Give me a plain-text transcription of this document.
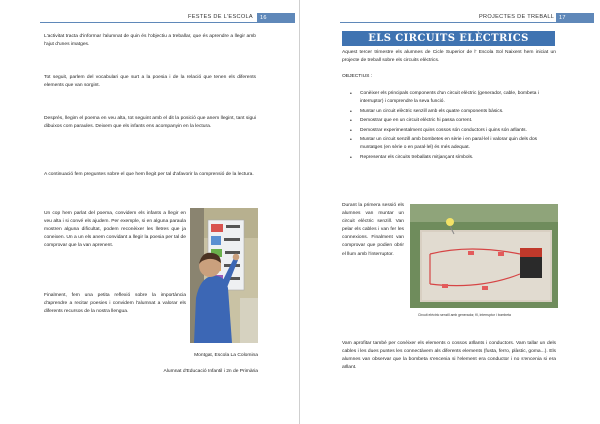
FESTES DE L'ESCOLA	16
L'activitat tracta d'informar l'alumnat de quin és l'objectiu a treballar, que és aprendre a llegir amb l'ajut d'unes imatges.
Tot seguit, parlem del vocabulari que surt a la poesia i de la relació que tenen els diferents elements que van sorgint.
Després, llegim el poema en veu alta, tot seguint amb el dit la posició que anem llegint, tant sigui dibuixos com paraules. Deixem que els infants ens acompanyin en la lectura.
A continuació fem preguntes sobre el que hem llegit per tal d'afavorir la comprensió de la lectura.
Un cop hem parlat del poema, convidem els infants a llegir en veu alta i si convé els ajudem. Per exemple, si en alguna paraula mostren alguna dificultat, podem reconèixer les lletres que ja coneixen. Un a un els anem convidant a llegir la poesia per tal de comprovar que la van aprenent.
Finalment, fem una petita reflexió sobre la importància d'aprendre a recitar poesies i convidem l'alumnat a valorar els diferents recursos de la nostra llengua.
Montgat, Escola La Colomina
Alumnat d'Educació Infantil i 2n de Primària
PROJECTES DE TREBALL 17
ELS CIRCUITS ELÈCTRICS
Aquest tercer trimestre els alumnes de Cicle Superior de l' Escola Sol Naixent hem iniciat un projecte de treball sobre els circuits elèctrics.
OBJECTIUS :
• Conèixer els principals components d'un circuit elèctric (generador, cable, bombeta i interruptor) i comprendre la seva funció.
• Muntar un circuit elèctric senzill amb els quatre components bàsics.
• Demostrar que en un circuit elèctric hi passa corrent.
• Demostrar experimentalment quins cossos són conductors i quins són aïllants.
• Muntar un circuit senzill amb bombetes en sèrie i en paral·lel i valorar quin dels dos muntatges (en sèrie o en paral·lel) és més adequat.
• Representar els circuits treballats mitjançant símbols.
Durant la primera sessió els alumnes van muntar un circuit elèctric senzill. Van pelar els cables i van fer les connexions. Finalment van comprovar que podien obrir el llum amb l'interruptor.
Circuit elèctric senzill amb generador, fil, interruptor i bombeta
Vam aprofitar també per conèixer els elements o cossos aïllants i conductors. Vam tallar un dels cables i les dues puntes les connectàvem als diferents elements (fusta, ferro, plàstic, goma...). Els alumnes van observar que la bombeta s'encenia si l'element era conductor i no s'encenia si era aïllant.
